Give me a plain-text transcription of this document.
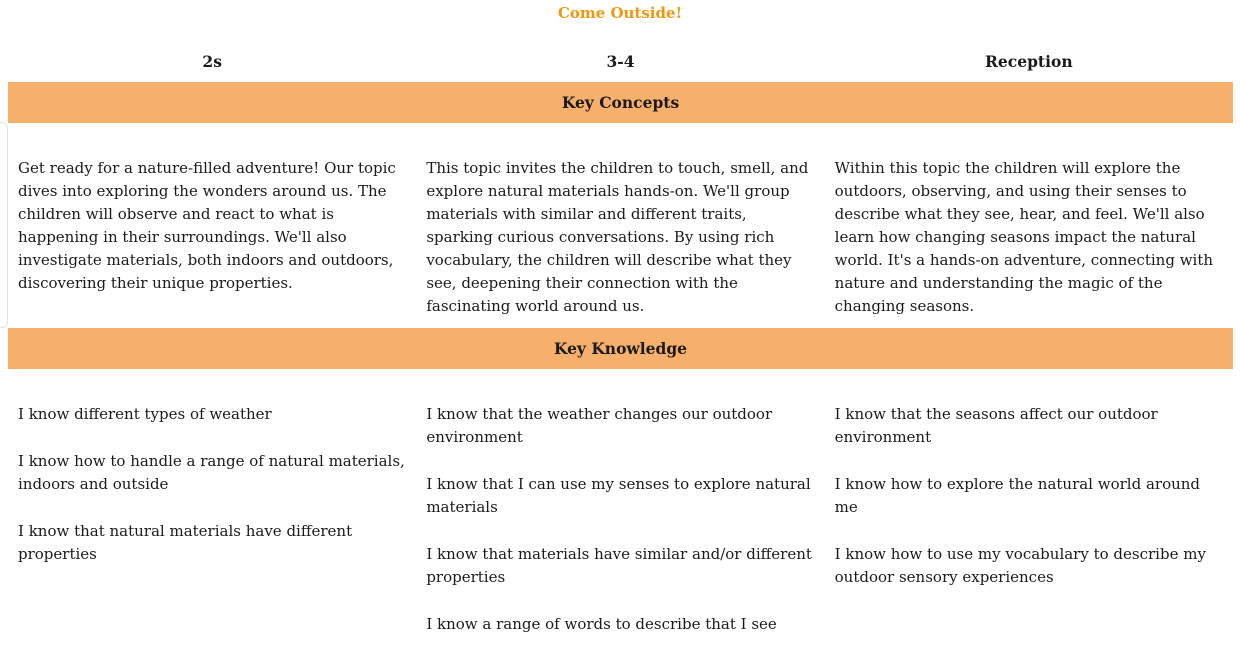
Come Outside!
2s	3-4	Reception
Key Concepts
Get ready for a nature-filled adventure! Our topic dives into exploring the wonders around us. The children will observe and react to what is happening in their surroundings. We'll also investigate materials, both indoors and outdoors, discovering their unique properties.
This topic invites the children to touch, smell, and explore natural materials hands-on. We'll group materials with similar and different traits, sparking curious conversations. By using rich vocabulary, the children will describe what they see, deepening their connection with the fascinating world around us.
Within this topic the children will explore the outdoors, observing, and using their senses to describe what they see, hear, and feel. We'll also learn how changing seasons impact the natural world. It's a hands-on adventure, connecting with nature and understanding the magic of the changing seasons.
Key Knowledge

I know different types of weather

I know how to handle a range of natural materials, indoors and outside

I know that natural materials have different properties

I know that the weather changes our outdoor environment

I know that I can use my senses to explore natural materials

I know that materials have similar and/or different properties

I know a range of words to describe that I see

I know that the seasons affect our outdoor environment

I know how to explore the natural world around me

I know how to use my vocabulary to describe my outdoor sensory experiences
